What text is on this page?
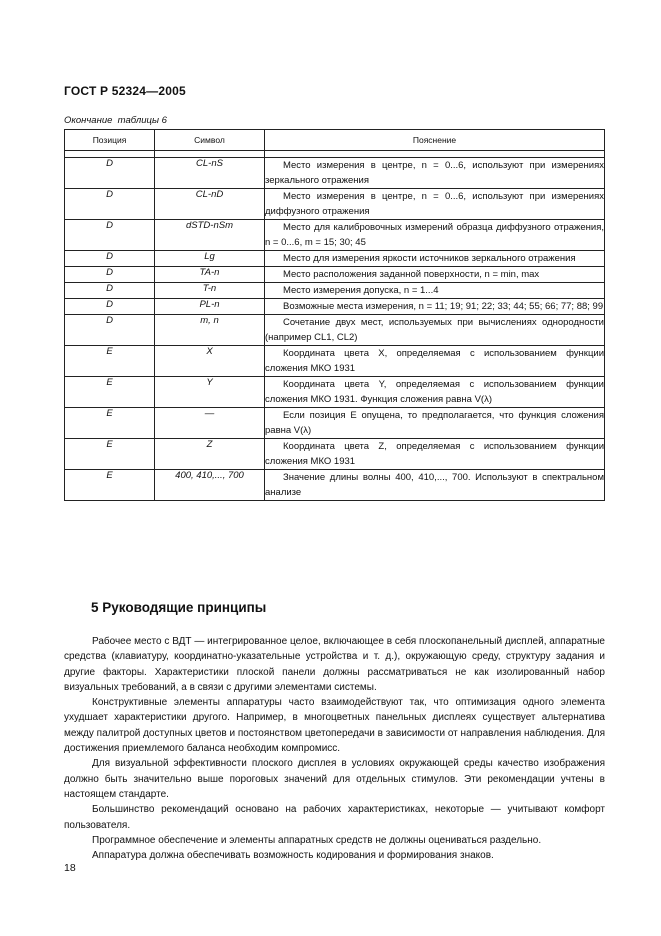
ГОСТ Р 52324—2005
Окончание таблицы 6
Позиция	Символ	Пояснение

D	CL-nS	Место измерения в центре, n = 0...6, используют при измерениях зеркального отражения
D	CL-nD	Место измерения в центре, n = 0...6, используют при измерениях диффузного отражения
D	dSTD-nSm	Место для калибровочных измерений образца диффузного отражения, n = 0...6, m = 15; 30; 45
D	Lg	Место для измерения яркости источников зеркального отражения
D	TA-n	Место расположения заданной поверхности, n = min, max
D	T-n	Место измерения допуска, n = 1...4
D	PL-n	Возможные места измерения, n = 11; 19; 91; 22; 33; 44; 55; 66; 77; 88; 99
D	m, n	Сочетание двух мест, используемых при вычислениях однородности (например CL1, CL2)
E	X	Координата цвета X, определяемая с использованием функции сложения МКО 1931
E	Y	Координата цвета Y, определяемая с использованием функции сложения МКО 1931. Функция сложения равна V(λ)
E	—	Если позиция E опущена, то предполагается, что функция сложения равна V(λ)
E	Z	Координата цвета Z, определяемая с использованием функции сложения МКО 1931
E	400, 410,..., 700	Значение длины волны 400, 410,..., 700. Используют в спектральном анализе
5 Руководящие принципы

Рабочее место с ВДТ — интегрированное целое, включающее в себя плоскопанельный дисплей, аппаратные средства (клавиатуру, координатно-указательные устройства и т. д.), окружающую среду, структуру задания и другие факторы. Характеристики плоской панели должны рассматриваться не как изолированный набор визуальных требований, а в связи с другими элементами системы.

Конструктивные элементы аппаратуры часто взаимодействуют так, что оптимизация одного элемента ухудшает характеристики другого. Например, в многоцветных панельных дисплеях существует альтернатива между палитрой доступных цветов и постоянством цветопередачи в зависимости от направления наблюдения. Для достижения приемлемого баланса необходим компромисс.

Для визуальной эффективности плоского дисплея в условиях окружающей среды качество изображения должно быть значительно выше пороговых значений для отдельных стимулов. Эти рекомендации учтены в настоящем стандарте.

Большинство рекомендаций основано на рабочих характеристиках, некоторые — учитывают комфорт пользователя.

Программное обеспечение и элементы аппаратных средств не должны оцениваться раздельно.

Аппаратура должна обеспечивать возможность кодирования и формирования знаков.

18
